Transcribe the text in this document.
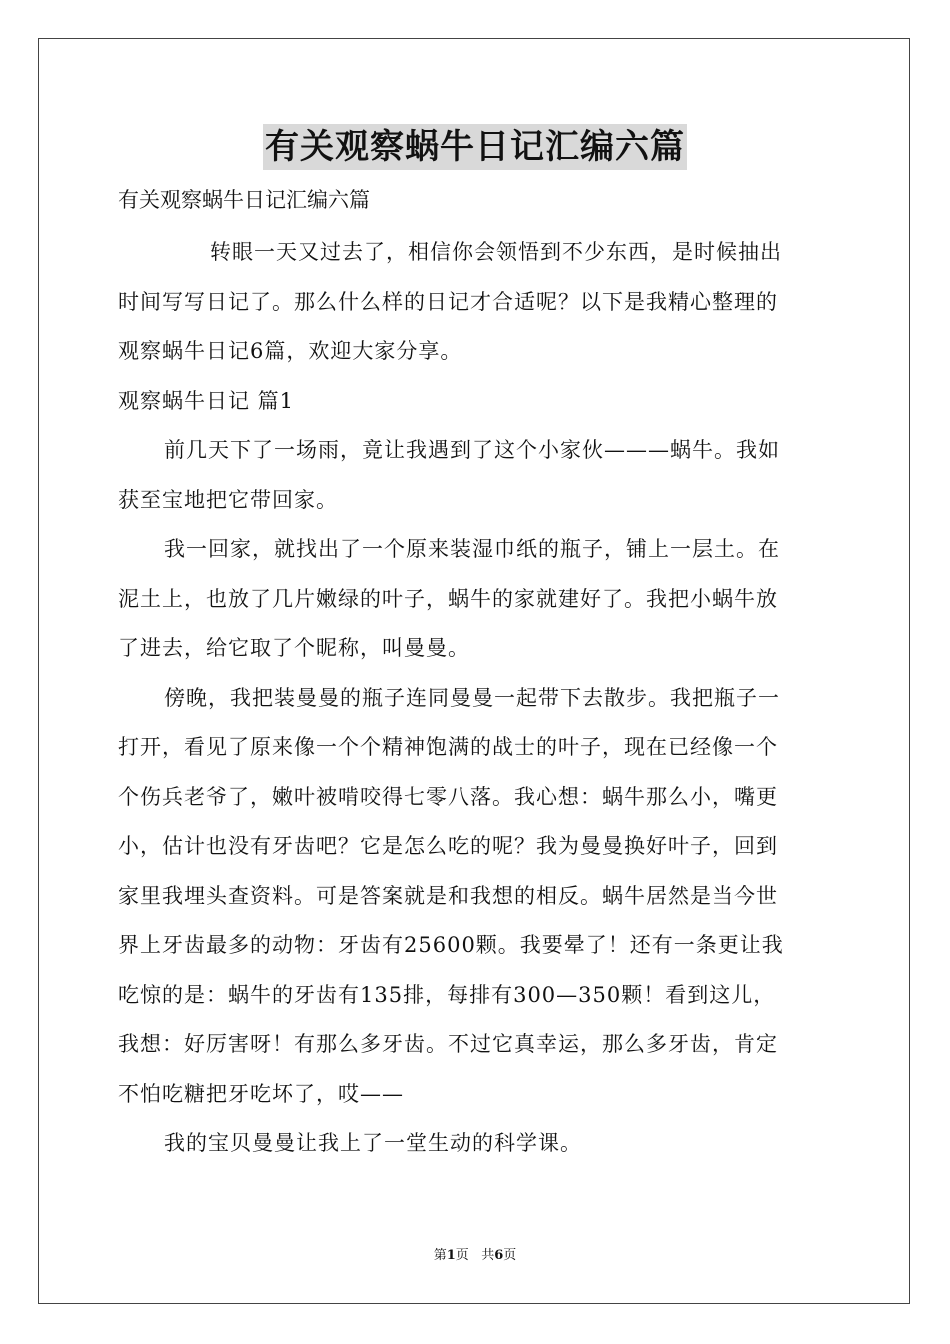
有关观察蜗牛日记汇编六篇
有关观察蜗牛日记汇编六篇
转眼一天又过去了，相信你会领悟到不少东西，是时候抽出
时间写写日记了。那么什么样的日记才合适呢？以下是我精心整理的
观察蜗牛日记6篇，欢迎大家分享。
观察蜗牛日记 篇1
前几天下了一场雨，竟让我遇到了这个小家伙———蜗牛。我如
获至宝地把它带回家。
我一回家，就找出了一个原来装湿巾纸的瓶子，铺上一层土。在
泥土上，也放了几片嫩绿的叶子，蜗牛的家就建好了。我把小蜗牛放
了进去，给它取了个昵称，叫曼曼。
傍晚，我把装曼曼的瓶子连同曼曼一起带下去散步。我把瓶子一
打开，看见了原来像一个个精神饱满的战士的叶子，现在已经像一个
个伤兵老爷了，嫩叶被啃咬得七零八落。我心想：蜗牛那么小，嘴更
小，估计也没有牙齿吧？它是怎么吃的呢？我为曼曼换好叶子，回到
家里我埋头查资料。可是答案就是和我想的相反。蜗牛居然是当今世
界上牙齿最多的动物：牙齿有25600颗。我要晕了！还有一条更让我
吃惊的是：蜗牛的牙齿有135排，每排有300—350颗！看到这儿，
我想：好厉害呀！有那么多牙齿。不过它真幸运，那么多牙齿，肯定
不怕吃糖把牙吃坏了，哎——
我的宝贝曼曼让我上了一堂生动的科学课。
第1页 共6页
